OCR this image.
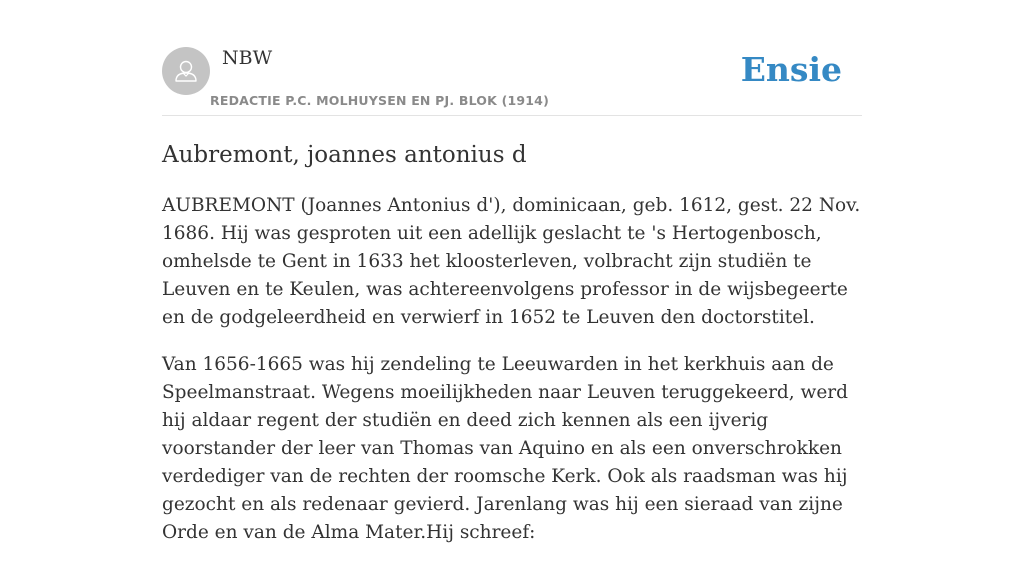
NBW
REDACTIE P.C. MOLHUYSEN EN PJ. BLOK (1914)
Ensie
Aubremont, joannes antonius d

AUBREMONT (Joannes Antonius d'), dominicaan, geb. 1612, gest. 22 Nov. 1686. Hij was gesproten uit een adellijk geslacht te 's Hertogenbosch, omhelsde te Gent in 1633 het kloosterleven, volbracht zijn studiën te Leuven en te Keulen, was achtereenvolgens professor in de wijsbegeerte en de godgeleerdheid en verwierf in 1652 te Leuven den doctorstitel.

Van 1656-1665 was hij zendeling te Leeuwarden in het kerkhuis aan de Speelmanstraat. Wegens moeilijkheden naar Leuven teruggekeerd, werd hij aldaar regent der studiën en deed zich kennen als een ijverig voorstander der leer van Thomas van Aquino en als een onverschrokken verdediger van de rechten der roomsche Kerk. Ook als raadsman was hij gezocht en als redenaar gevierd. Jarenlang was hij een sieraad van zijne Orde en van de Alma Mater.Hij schreef:
